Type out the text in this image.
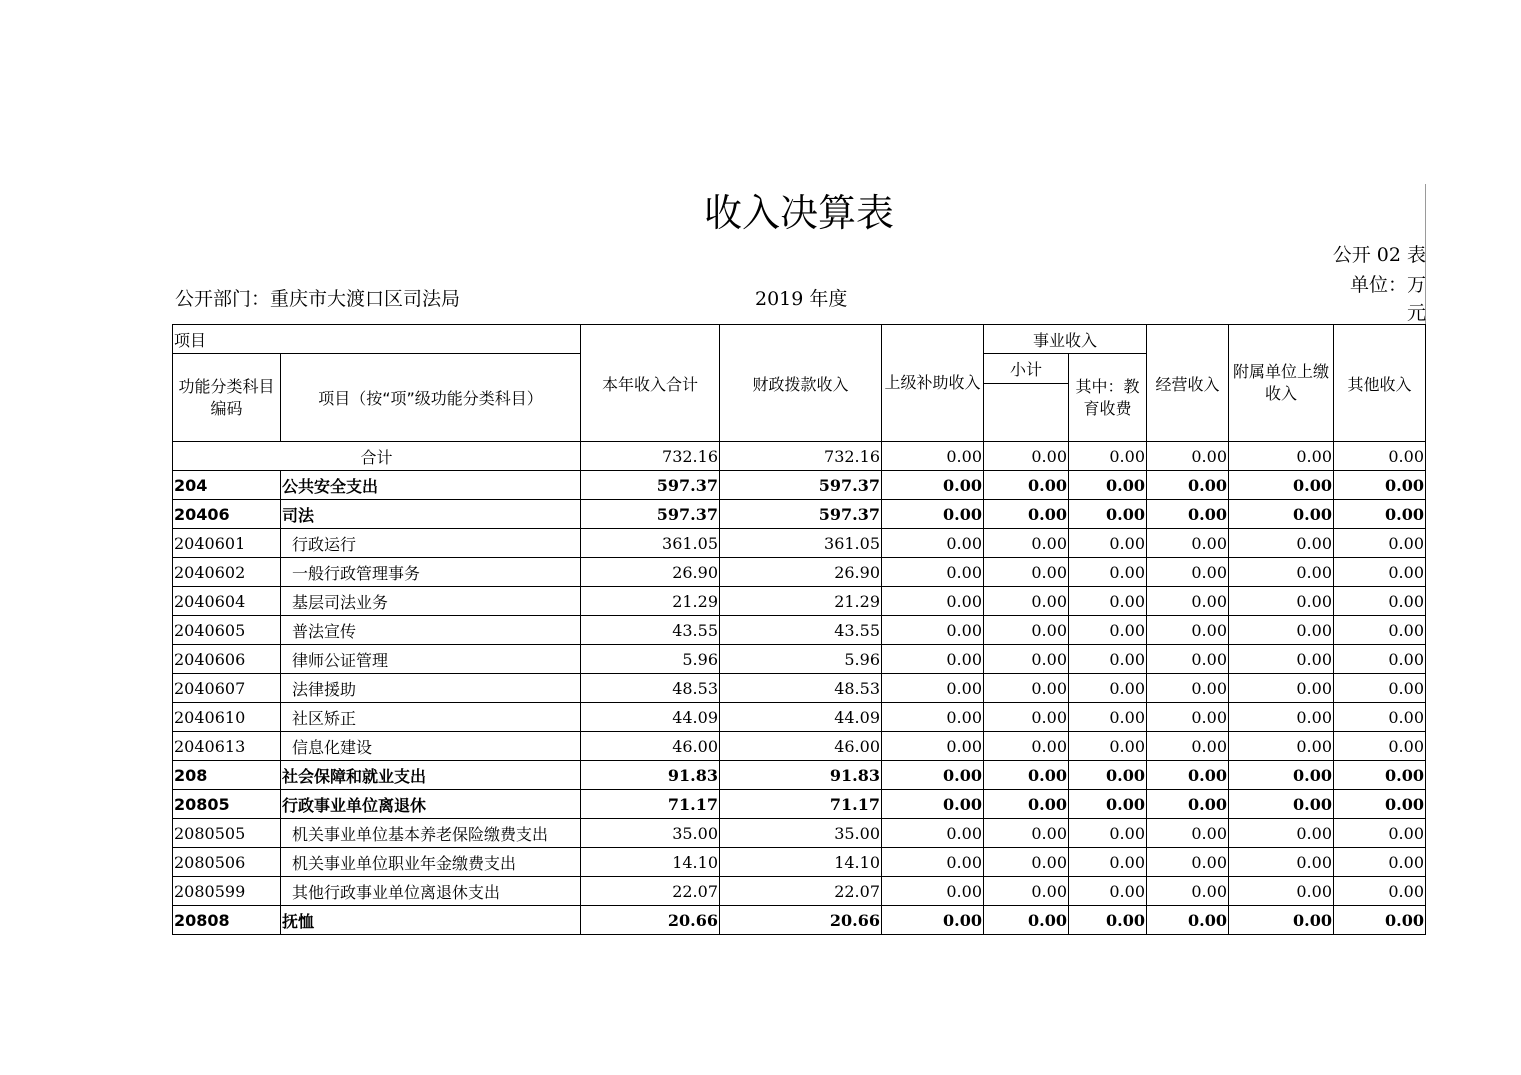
收入决算表
公开 02 表
单位：万
元
公开部门：重庆市大渡口区司法局	2019 年度
项目		本年收入合计	财政拨款收入	上级补助收入	事业收入		经营收入	附属单位上缴收入	其他收入
功能分类科目编码	项目（按“项”级功能分类科目）				小计	其中：教育收费			

合计		732.16	732.16	0.00	0.00	0.00	0.00	0.00	0.00
204	公共安全支出	597.37	597.37	0.00	0.00	0.00	0.00	0.00	0.00
20406	司法	597.37	597.37	0.00	0.00	0.00	0.00	0.00	0.00
2040601	行政运行	361.05	361.05	0.00	0.00	0.00	0.00	0.00	0.00
2040602	一般行政管理事务	26.90	26.90	0.00	0.00	0.00	0.00	0.00	0.00
2040604	基层司法业务	21.29	21.29	0.00	0.00	0.00	0.00	0.00	0.00
2040605	普法宣传	43.55	43.55	0.00	0.00	0.00	0.00	0.00	0.00
2040606	律师公证管理	5.96	5.96	0.00	0.00	0.00	0.00	0.00	0.00
2040607	法律援助	48.53	48.53	0.00	0.00	0.00	0.00	0.00	0.00
2040610	社区矫正	44.09	44.09	0.00	0.00	0.00	0.00	0.00	0.00
2040613	信息化建设	46.00	46.00	0.00	0.00	0.00	0.00	0.00	0.00
208	社会保障和就业支出	91.83	91.83	0.00	0.00	0.00	0.00	0.00	0.00
20805	行政事业单位离退休	71.17	71.17	0.00	0.00	0.00	0.00	0.00	0.00
2080505	机关事业单位基本养老保险缴费支出	35.00	35.00	0.00	0.00	0.00	0.00	0.00	0.00
2080506	机关事业单位职业年金缴费支出	14.10	14.10	0.00	0.00	0.00	0.00	0.00	0.00
2080599	其他行政事业单位离退休支出	22.07	22.07	0.00	0.00	0.00	0.00	0.00	0.00
20808	抚恤	20.66	20.66	0.00	0.00	0.00	0.00	0.00	0.00
